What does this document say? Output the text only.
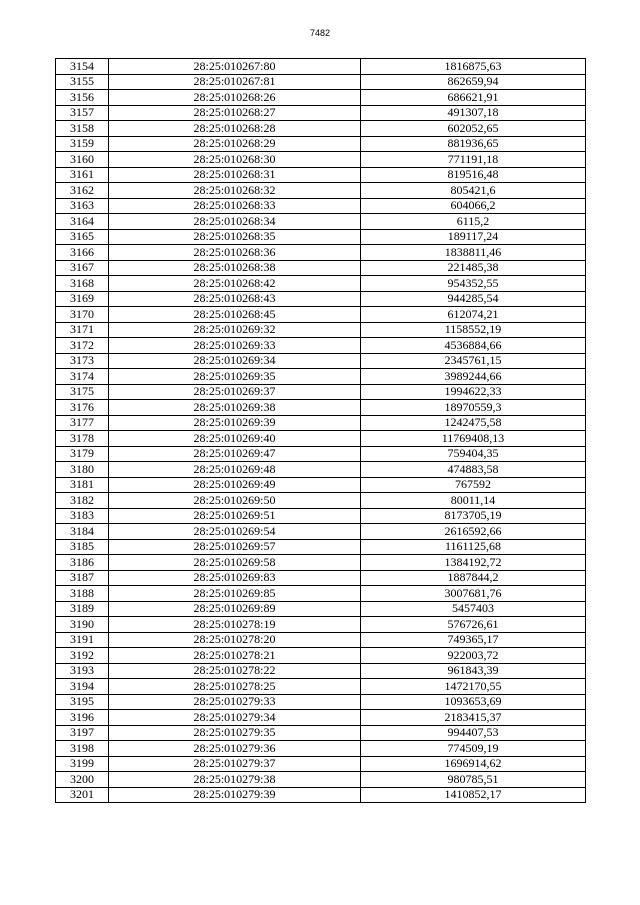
7482
3154	28:25:010267:80	1816875,63
3155	28:25:010267:81	862659,94
3156	28:25:010268:26	686621,91
3157	28:25:010268:27	491307,18
3158	28:25:010268:28	602052,65
3159	28:25:010268:29	881936,65
3160	28:25:010268:30	771191,18
3161	28:25:010268:31	819516,48
3162	28:25:010268:32	805421,6
3163	28:25:010268:33	604066,2
3164	28:25:010268:34	6115,2
3165	28:25:010268:35	189117,24
3166	28:25:010268:36	1838811,46
3167	28:25:010268:38	221485,38
3168	28:25:010268:42	954352,55
3169	28:25:010268:43	944285,54
3170	28:25:010268:45	612074,21
3171	28:25:010269:32	1158552,19
3172	28:25:010269:33	4536884,66
3173	28:25:010269:34	2345761,15
3174	28:25:010269:35	3989244,66
3175	28:25:010269:37	1994622,33
3176	28:25:010269:38	18970559,3
3177	28:25:010269:39	1242475,58
3178	28:25:010269:40	11769408,13
3179	28:25:010269:47	759404,35
3180	28:25:010269:48	474883,58
3181	28:25:010269:49	767592
3182	28:25:010269:50	80011,14
3183	28:25:010269:51	8173705,19
3184	28:25:010269:54	2616592,66
3185	28:25:010269:57	1161125,68
3186	28:25:010269:58	1384192,72
3187	28:25:010269:83	1887844,2
3188	28:25:010269:85	3007681,76
3189	28:25:010269:89	5457403
3190	28:25:010278:19	576726,61
3191	28:25:010278:20	749365,17
3192	28:25:010278:21	922003,72
3193	28:25:010278:22	961843,39
3194	28:25:010278:25	1472170,55
3195	28:25:010279:33	1093653,69
3196	28:25:010279:34	2183415,37
3197	28:25:010279:35	994407,53
3198	28:25:010279:36	774509,19
3199	28:25:010279:37	1696914,62
3200	28:25:010279:38	980785,51
3201	28:25:010279:39	1410852,17
